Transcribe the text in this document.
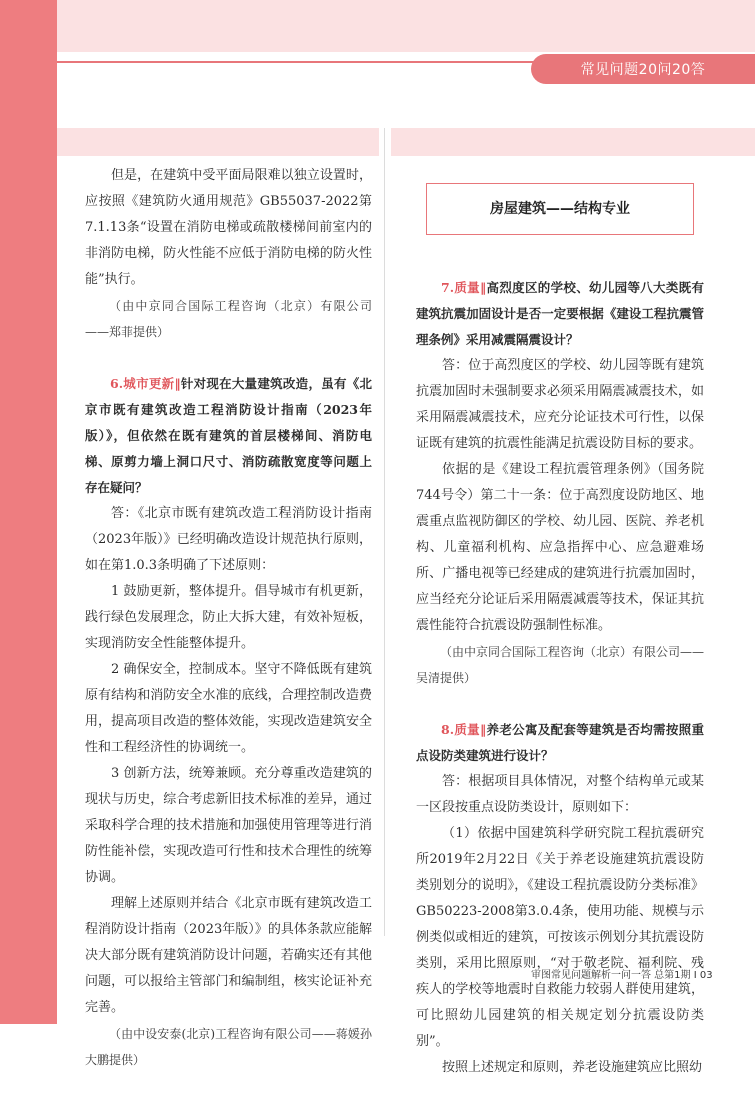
常见问题20问20答

但是，在建筑中受平面局限难以独立设置时，应按照《建筑防火通用规范》GB55037-2022第7.1.13条“设置在消防电梯或疏散楼梯间前室内的非消防电梯，防火性能不应低于消防电梯的防火性能”执行。

（由中京同合国际工程咨询（北京）有限公司——郑菲提供）

6.城市更新‖针对现在大量建筑改造，虽有《北京市既有建筑改造工程消防设计指南（2023年版）》，但依然在既有建筑的首层楼梯间、消防电梯、原剪力墙上洞口尺寸、消防疏散宽度等问题上存在疑问？

答：《北京市既有建筑改造工程消防设计指南（2023年版）》已经明确改造设计规范执行原则，如在第1.0.3条明确了下述原则：

1 鼓励更新，整体提升。倡导城市有机更新，践行绿色发展理念，防止大拆大建，有效补短板，实现消防安全性能整体提升。

2 确保安全，控制成本。坚守不降低既有建筑原有结构和消防安全水准的底线，合理控制改造费用，提高项目改造的整体效能，实现改造建筑安全性和工程经济性的协调统一。

3 创新方法，统筹兼顾。充分尊重改造建筑的现状与历史，综合考虑新旧技术标准的差异，通过采取科学合理的技术措施和加强使用管理等进行消防性能补偿，实现改造可行性和技术合理性的统筹协调。

理解上述原则并结合《北京市既有建筑改造工程消防设计指南（2023年版）》的具体条款应能解决大部分既有建筑消防设计问题，若确实还有其他问题，可以报给主管部门和编制组，核实论证补充完善。

（由中设安泰(北京)工程咨询有限公司——蒋媛孙大鹏提供）

房屋建筑——结构专业

7.质量‖高烈度区的学校、幼儿园等八大类既有建筑抗震加固设计是否一定要根据《建设工程抗震管理条例》采用减震隔震设计？

答：位于高烈度区的学校、幼儿园等既有建筑抗震加固时未强制要求必须采用隔震减震技术，如采用隔震减震技术，应充分论证技术可行性，以保证既有建筑的抗震性能满足抗震设防目标的要求。

依据的是《建设工程抗震管理条例》（国务院744号令）第二十一条：位于高烈度设防地区、地震重点监视防御区的学校、幼儿园、医院、养老机构、儿童福利机构、应急指挥中心、应急避难场所、广播电视等已经建成的建筑进行抗震加固时，应当经充分论证后采用隔震减震等技术，保证其抗震性能符合抗震设防强制性标准。

（由中京同合国际工程咨询（北京）有限公司——吴清提供）

8.质量‖养老公寓及配套等建筑是否均需按照重点设防类建筑进行设计？

答：根据项目具体情况，对整个结构单元或某一区段按重点设防类设计，原则如下：

（1）依据中国建筑科学研究院工程抗震研究所2019年2月22日《关于养老设施建筑抗震设防类别划分的说明》，《建设工程抗震设防分类标准》GB50223-2008第3.0.4条，使用功能、规模与示例类似或相近的建筑，可按该示例划分其抗震设防类别，采用比照原则，“对于敬老院、福利院、残疾人的学校等地震时自救能力较弱人群使用建筑，可比照幼儿园建筑的相关规定划分抗震设防类别”。

按照上述规定和原则，养老设施建筑应比照幼

审图常见问题解析一问一答 总第1期 I 03
